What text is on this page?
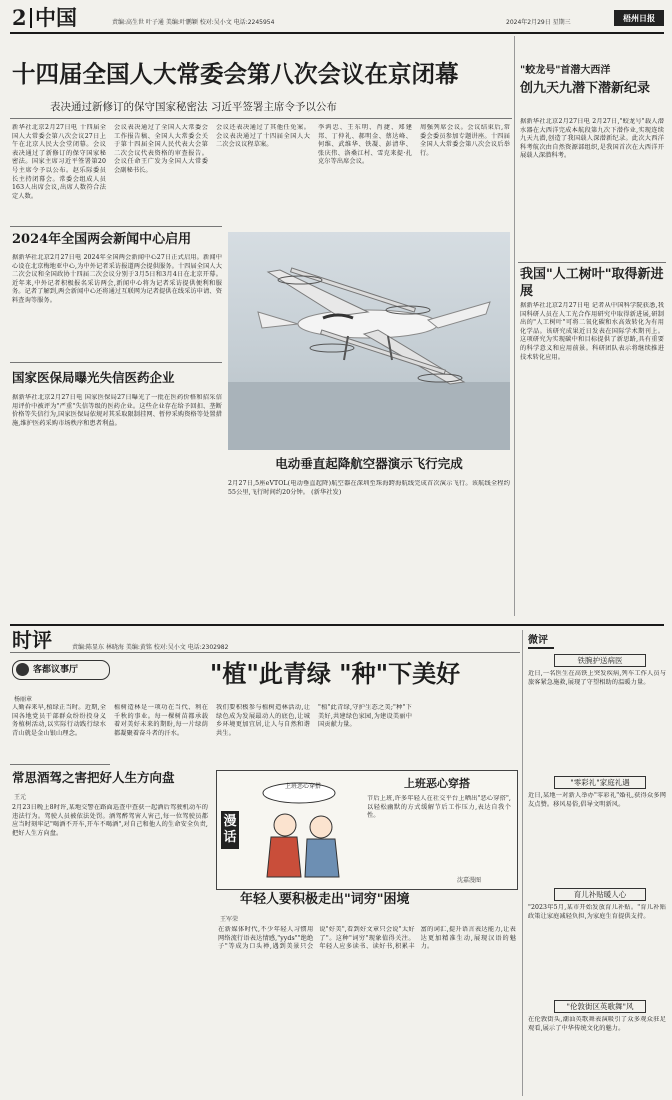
2 中国	责编:高生世 叶子通 美编:叶鹏颖 校对:吴小文 电话:2245954	2024年2月29日 星期三	梧州日报
十四届全国人大常委会第八次会议在京闭幕
表决通过新修订的保守国家秘密法 习近平签署主席令予以公布
新华社北京2月27日电 十四届全国人大常委会第八次会议27日上午在北京人民大会堂闭幕。会议表决通过了新修订的保守国家秘密法。国家主席习近平签署第20号主席令予以公布。赵乐际委员长主持闭幕会。常委会组成人员163人出席会议,出席人数符合法定人数。
会议表决通过了全国人大常委会工作报告稿、全国人大常委会关于第十四届全国人民代表大会第二次会议代表资格的审查报告。会议任命王广发为全国人大常委会副秘书长。
会议还表决通过了其他任免案。会议表决通过了十四届全国人大二次会议议程草案。
李鸿忠、王东明、肖捷、郑建邦、丁仲礼、郝明金、蔡达峰、何维、武维华、铁凝、彭清华、张庆伟、洛桑江村、雪克来提·扎克尔等出席会议。
周强列席会议。会议结束后,常委会委员参加专题讲座。十四届全国人大常委会第八次会议后举行。
2024年全国两会新闻中心启用
据新华社北京2月27日电 2024年全国两会新闻中心27日正式启用。新闻中心设在北京梅地亚中心,为中外记者采访报道两会提供服务。十四届全国人大二次会议和全国政协十四届二次会议分别于3月5日和3月4日在北京开幕。近年来,中外记者积极报名采访两会,新闻中心将为记者采访提供便利和服务。记者了解到,两会新闻中心还将通过互联网为记者提供在线采访申请、资料查询等服务。
国家医保局曝光失信医药企业
据新华社北京2月27日电 国家医保局27日曝光了一批在医药价格和招采信用评价中被评为"严重"失信等级的医药企业。这些企业存在给予回扣、垄断价格等失信行为,国家医保局依规对其采取限制挂网、暂停采购资格等处置措施,维护医药采购市场秩序和患者利益。
电动垂直起降航空器演示飞行完成
2月27日,5座eVTOL(电动垂直起降)航空器在深圳至珠海跨海航线完成首次演示飞行。该航线全程约55公里,飞行时间约20分钟。 (新华社发)
"蛟龙号"首潜大西洋
创九天九潜下潜新纪录
据新华社北京2月27日电 2月27日,"蛟龙号"载人潜水器在大西洋完成本航段第九次下潜作业,实现连续九天九潜,创造了我国载人深潜新纪录。此次大西洋科考航次由自然资源部组织,是我国首次在大西洋开展载人深潜科考。
我国"人工树叶"取得新进展
据新华社北京2月27日电 记者从中国科学院获悉,我国科研人员在人工光合作用研究中取得新进展,研制出的"人工树叶"可将二氧化碳和水高效转化为有用化学品。该研究成果近日发表在国际学术期刊上。这项研究为实现碳中和目标提供了新思路,具有重要的科学意义和应用前景。科研团队表示将继续推进技术转化应用。
时评	责编:陈显东 林晓海 美编:黄铭 校对:吴小文 电话:2302982
客都议事厅	"植"此青绿 "种"下美好
杨丽章
人勤春来早,植绿正当时。近期,全国各地党员干部群众纷纷投身义务植树活动,以实际行动践行绿水青山就是金山银山理念。
植树造林是一项功在当代、利在千秋的事业。每一棵树苗都承载着对美好未来的期盼,每一片绿荫都凝聚着奋斗者的汗水。
我们要积极参与植树造林活动,让绿色成为发展最动人的底色,让城乡环境更加宜居,让人与自然和谐共生。
"植"此青绿,守护生态之美;"种"下美好,共建绿色家园,为建设美丽中国贡献力量。
常思酒驾之害把好人生方向盘
王元
2月23日晚上8时许,某地交警在路面巡查中查获一起酒后驾驶机动车的违法行为。驾驶人员被依法处罚。酒驾醉驾害人害己,每一位驾驶员都应当时刻牢记"喝酒不开车,开车不喝酒",对自己和他人的生命安全负责,把好人生方向盘。
漫话
上班恶心穿搭	上班恶心穿搭
节后上班,许多年轻人在社交平台上晒出"恶心穿搭",以轻松幽默的方式缓解节后工作压力,表达自我个性。
沈嘉漫图
年轻人要积极走出"词穷"困境
王军荣
在新媒体时代,不少年轻人习惯用网络流行语表达情感,"yyds""绝绝子"等成为口头禅,遇到美景只会说"好美",看到好文章只会说"太好了"。这种"词穷"现象值得关注。年轻人应多读书、读好书,积累丰富的词汇,提升语言表达能力,让表达更加精准生动,展现汉语的魅力。
微评
铁腕护送病医
近日,一名医生在高铁上突发疾病,列车工作人员与旅客紧急施救,展现了守望相助的温暖力量。
"零彩礼"家庭礼遇
近日,某地一对新人举办"零彩礼"婚礼,获得众多网友点赞。移风易俗,倡导文明新风。
育儿补贴暖人心
"2023年5月,某市开始发放育儿补贴。"育儿补贴政策让家庭减轻负担,为家庭生育提供支持。
"伦敦街区英歌舞"风
在伦敦街头,潮汕英歌舞表演吸引了众多观众驻足观看,展示了中华传统文化的魅力。
